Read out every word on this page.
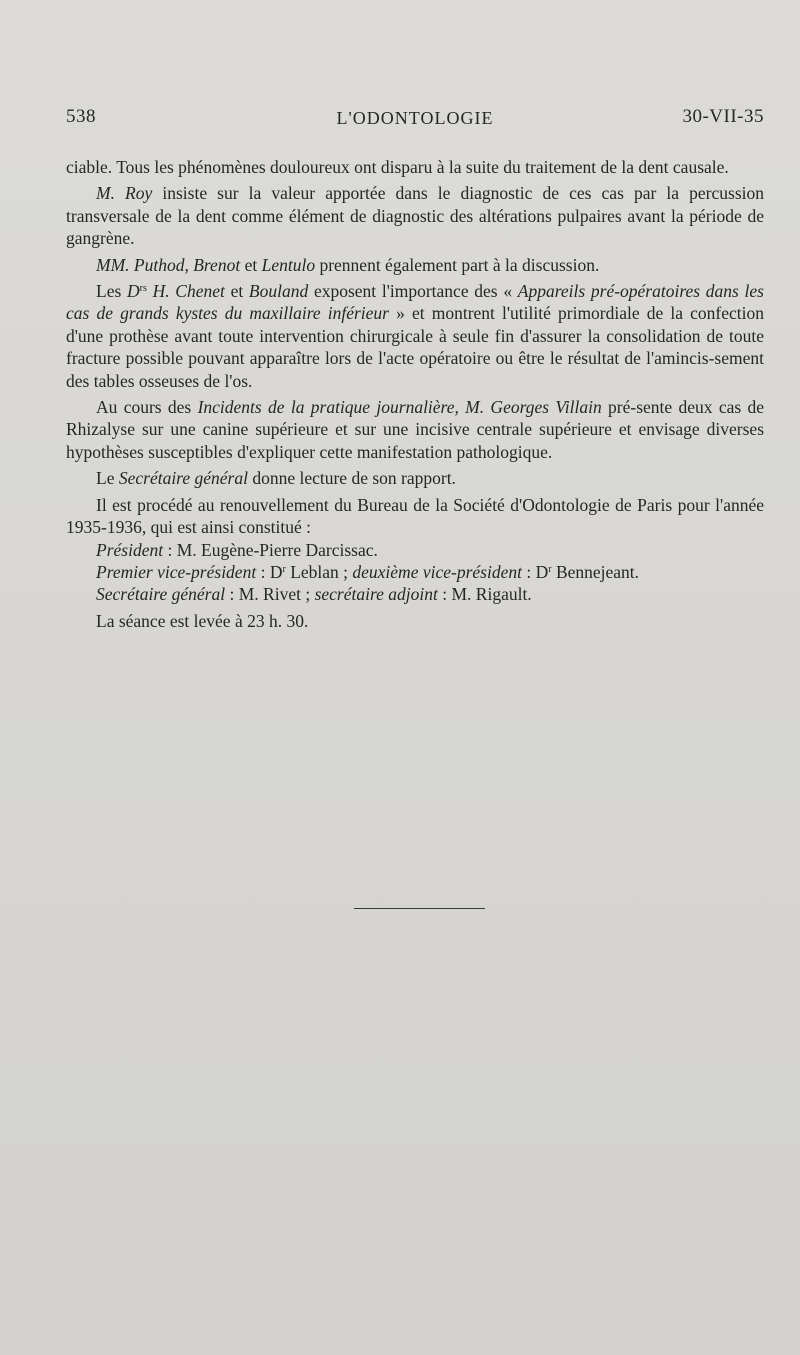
538	L'ODONTOLOGIE	30-VII-35

ciable. Tous les phénomènes douloureux ont disparu à la suite du traitement de la dent causale.

M. Roy insiste sur la valeur apportée dans le diagnostic de ces cas par la percussion transversale de la dent comme élément de diagnostic des altérations pulpaires avant la période de gangrène.

MM. Puthod, Brenot et Lentulo prennent également part à la discussion.

Les $D^{rs}$ H. Chenet et Bouland exposent l'importance des « Appareils pré-opératoires dans les cas de grands kystes du maxillaire inférieur » et montrent l'utilité primordiale de la confection d'une prothèse avant toute intervention chirurgicale à seule fin d'assurer la consolidation de toute fracture possible pouvant apparaître lors de l'acte opératoire ou être le résultat de l'amincis-sement des tables osseuses de l'os.

Au cours des Incidents de la pratique journalière, M. Georges Villain pré-sente deux cas de Rhizalyse sur une canine supérieure et sur une incisive centrale supérieure et envisage diverses hypothèses susceptibles d'expliquer cette manifestation pathologique.

Le Secrétaire général donne lecture de son rapport.

Il est procédé au renouvellement du Bureau de la Société d'Odontologie de Paris pour l'année 1935-1936, qui est ainsi constitué :

Président : M. Eugène-Pierre Darcissac.

Premier vice-président : $D^r$ Leblan ; deuxième vice-président : $D^r$ Bennejeant.

Secrétaire général : M. Rivet ; secrétaire adjoint : M. Rigault.

La séance est levée à 23 h. 30.
